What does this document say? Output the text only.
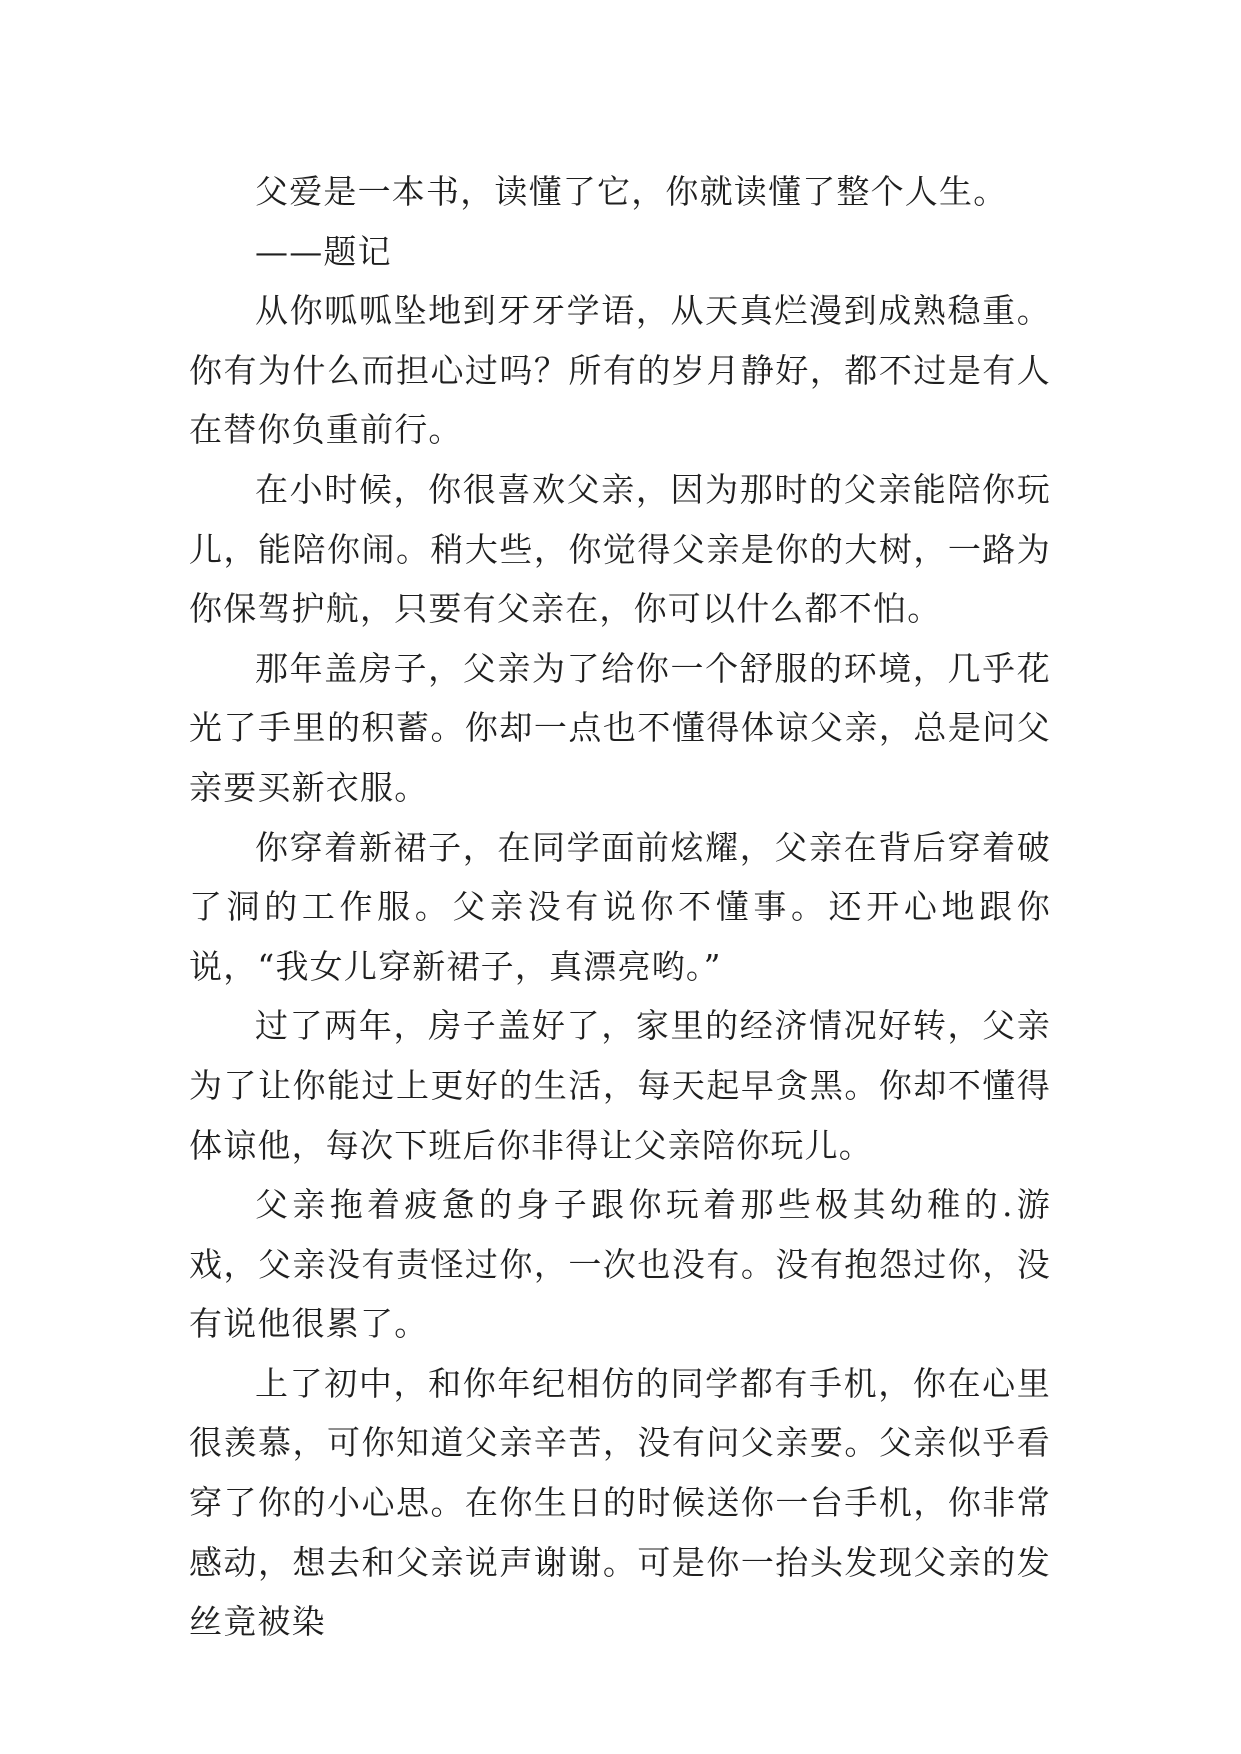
父爱是一本书，读懂了它，你就读懂了整个人生。

——题记

从你呱呱坠地到牙牙学语，从天真烂漫到成熟稳重。你有为什么而担心过吗？所有的岁月静好，都不过是有人在替你负重前行。

在小时候，你很喜欢父亲，因为那时的父亲能陪你玩儿，能陪你闹。稍大些，你觉得父亲是你的大树，一路为你保驾护航，只要有父亲在，你可以什么都不怕。

那年盖房子，父亲为了给你一个舒服的环境，几乎花光了手里的积蓄。你却一点也不懂得体谅父亲，总是问父亲要买新衣服。

你穿着新裙子，在同学面前炫耀，父亲在背后穿着破了洞的工作服。父亲没有说你不懂事。还开心地跟你说，“我女儿穿新裙子，真漂亮哟。”

过了两年，房子盖好了，家里的经济情况好转，父亲为了让你能过上更好的生活，每天起早贪黑。你却不懂得体谅他，每次下班后你非得让父亲陪你玩儿。

父亲拖着疲惫的身子跟你玩着那些极其幼稚的.游戏，父亲没有责怪过你，一次也没有。没有抱怨过你，没有说他很累了。

上了初中，和你年纪相仿的同学都有手机，你在心里很羡慕，可你知道父亲辛苦，没有问父亲要。父亲似乎看穿了你的小心思。在你生日的时候送你一台手机，你非常感动，想去和父亲说声谢谢。可是你一抬头发现父亲的发丝竟被染
